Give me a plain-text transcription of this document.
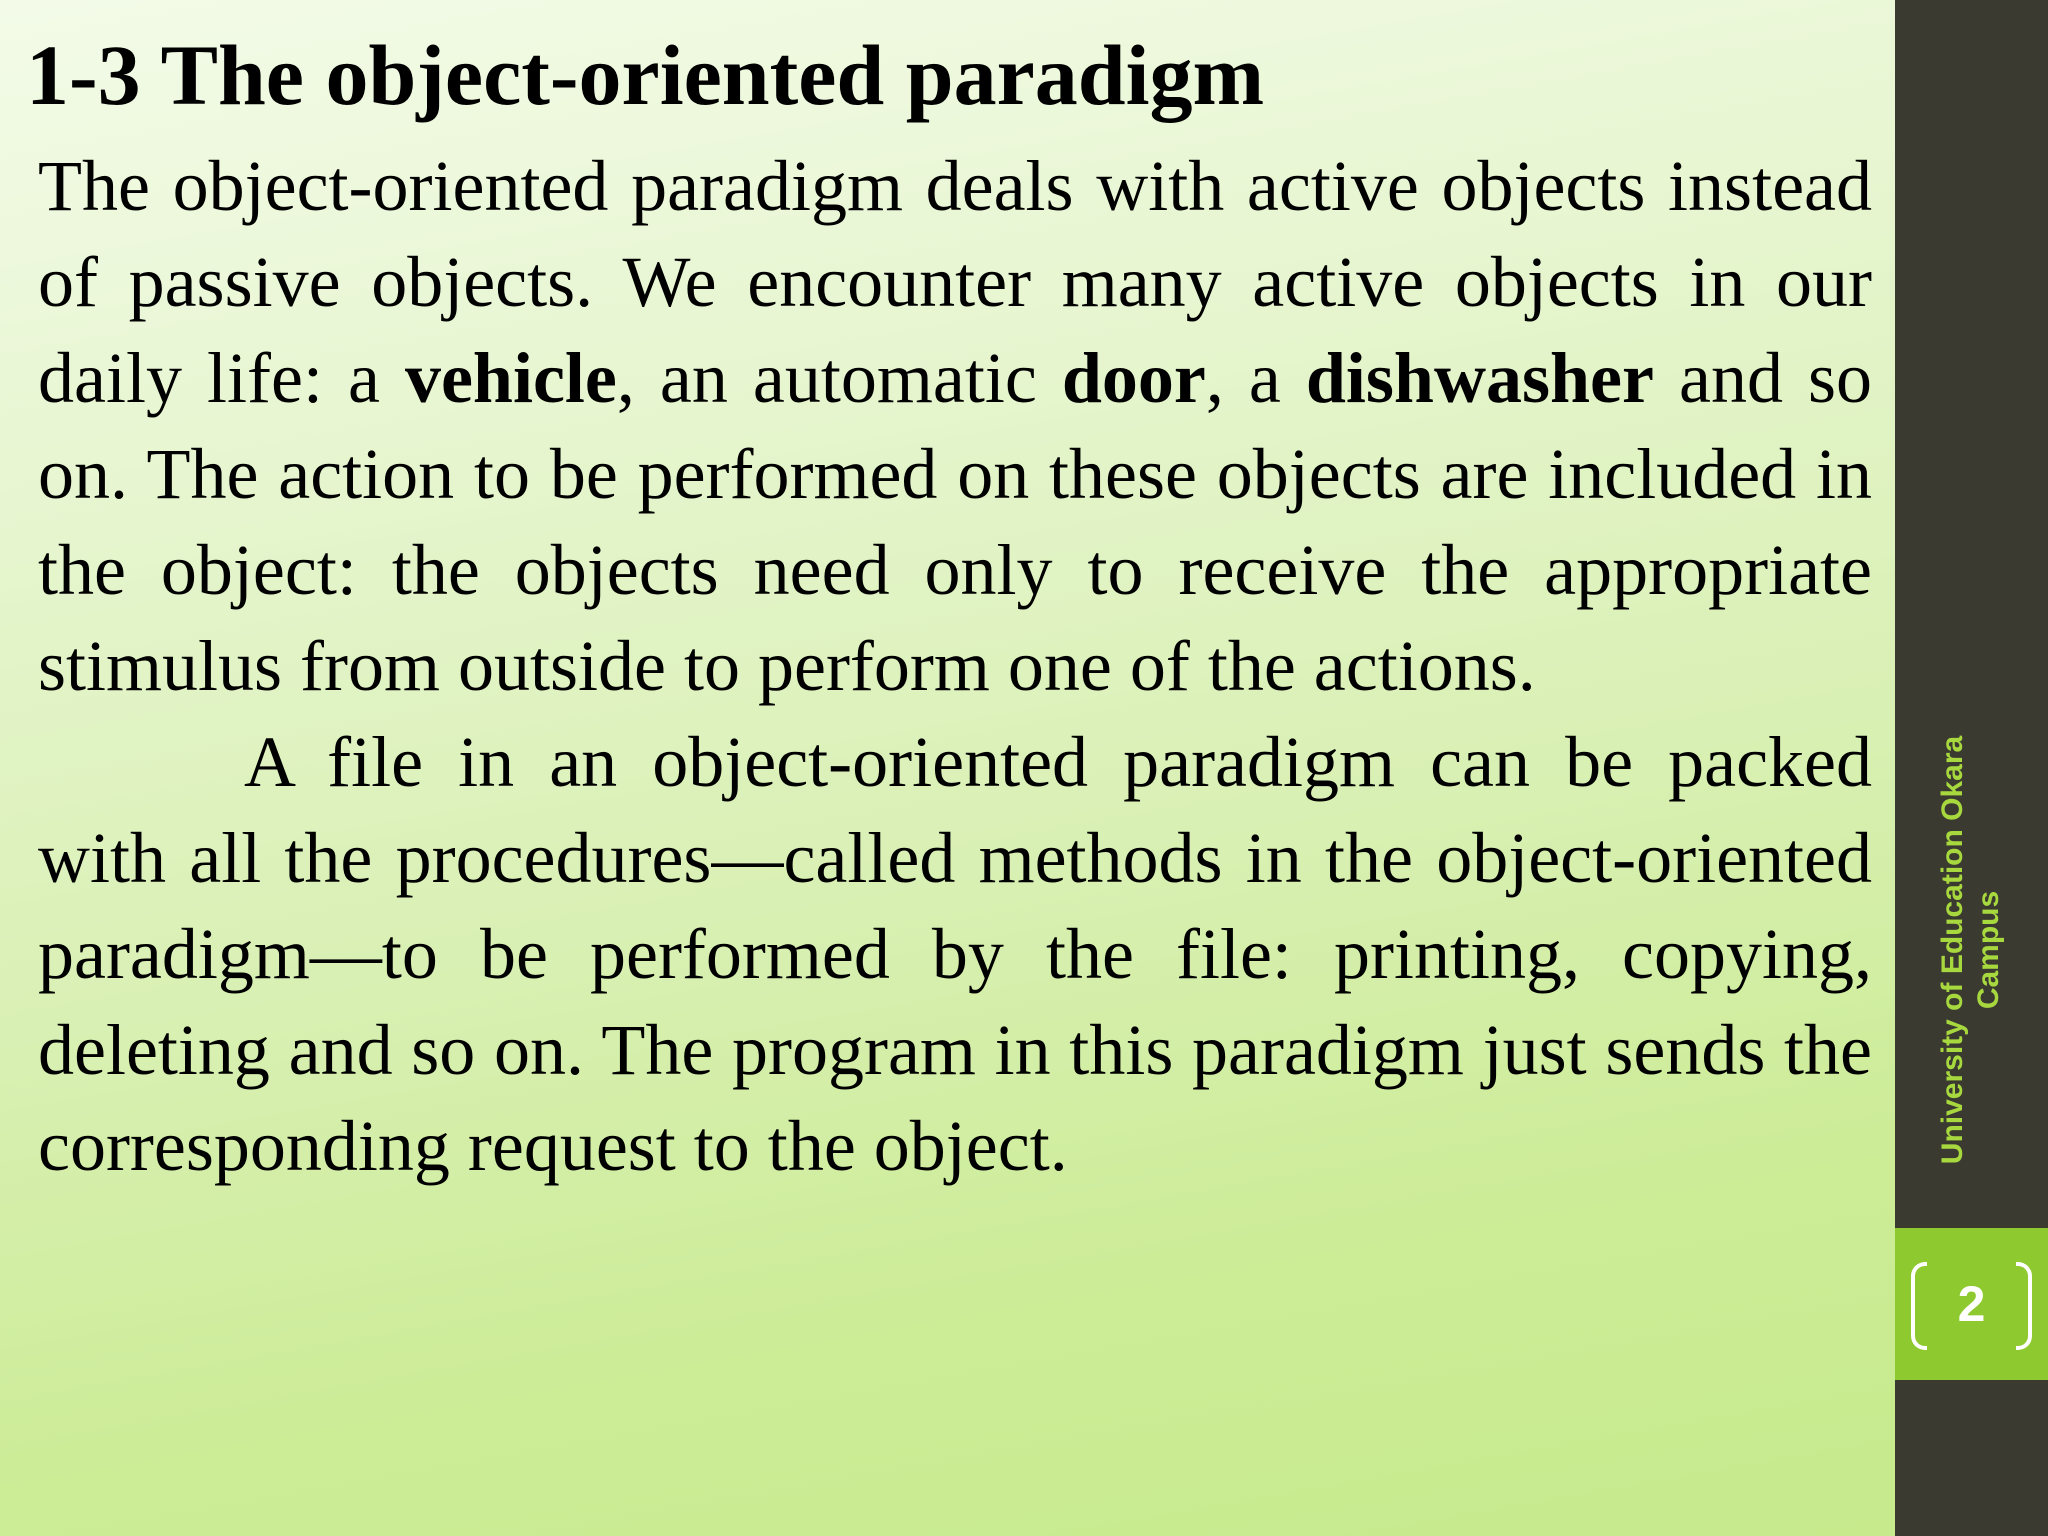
1-3 The object-oriented paradigm

The object-oriented paradigm deals with active objects instead of passive objects. We encounter many active objects in our daily life: a vehicle, an automatic door, a dishwasher and so on. The action to be performed on these objects are included in the object: the objects need only to receive the appropriate stimulus from outside to perform one of the actions.

A file in an object-oriented paradigm can be packed with all the procedures—called methods in the object-oriented paradigm—to be performed by the file: printing, copying, deleting and so on. The program in this paradigm just sends the corresponding request to the object.	University of Education Okara Campus
2
